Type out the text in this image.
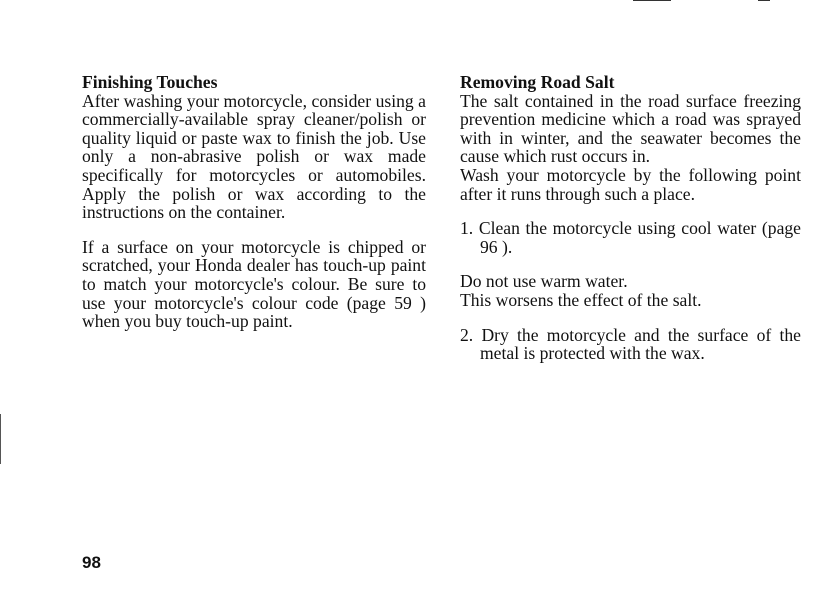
Finishing Touches

After washing your motorcycle, consider using a commercially-available spray cleaner/polish or quality liquid or paste wax to finish the job. Use only a non-abrasive polish or wax made specifically for motorcycles or automobiles. Apply the polish or wax according to the instructions on the container.

If a surface on your motorcycle is chipped or scratched, your Honda dealer has touch-up paint to match your motorcycle's colour. Be sure to use your motorcycle's colour code (page 59 ) when you buy touch-up paint.

Removing Road Salt

The salt contained in the road surface freezing prevention medicine which a road was sprayed with in winter, and the seawater becomes the cause which rust occurs in.

Wash your motorcycle by the following point after it runs through such a place.

1. Clean the motorcycle using cool water (page 96 ).

Do not use warm water.

This worsens the effect of the salt.

2. Dry the motorcycle and the surface of the metal is protected with the wax.

98
